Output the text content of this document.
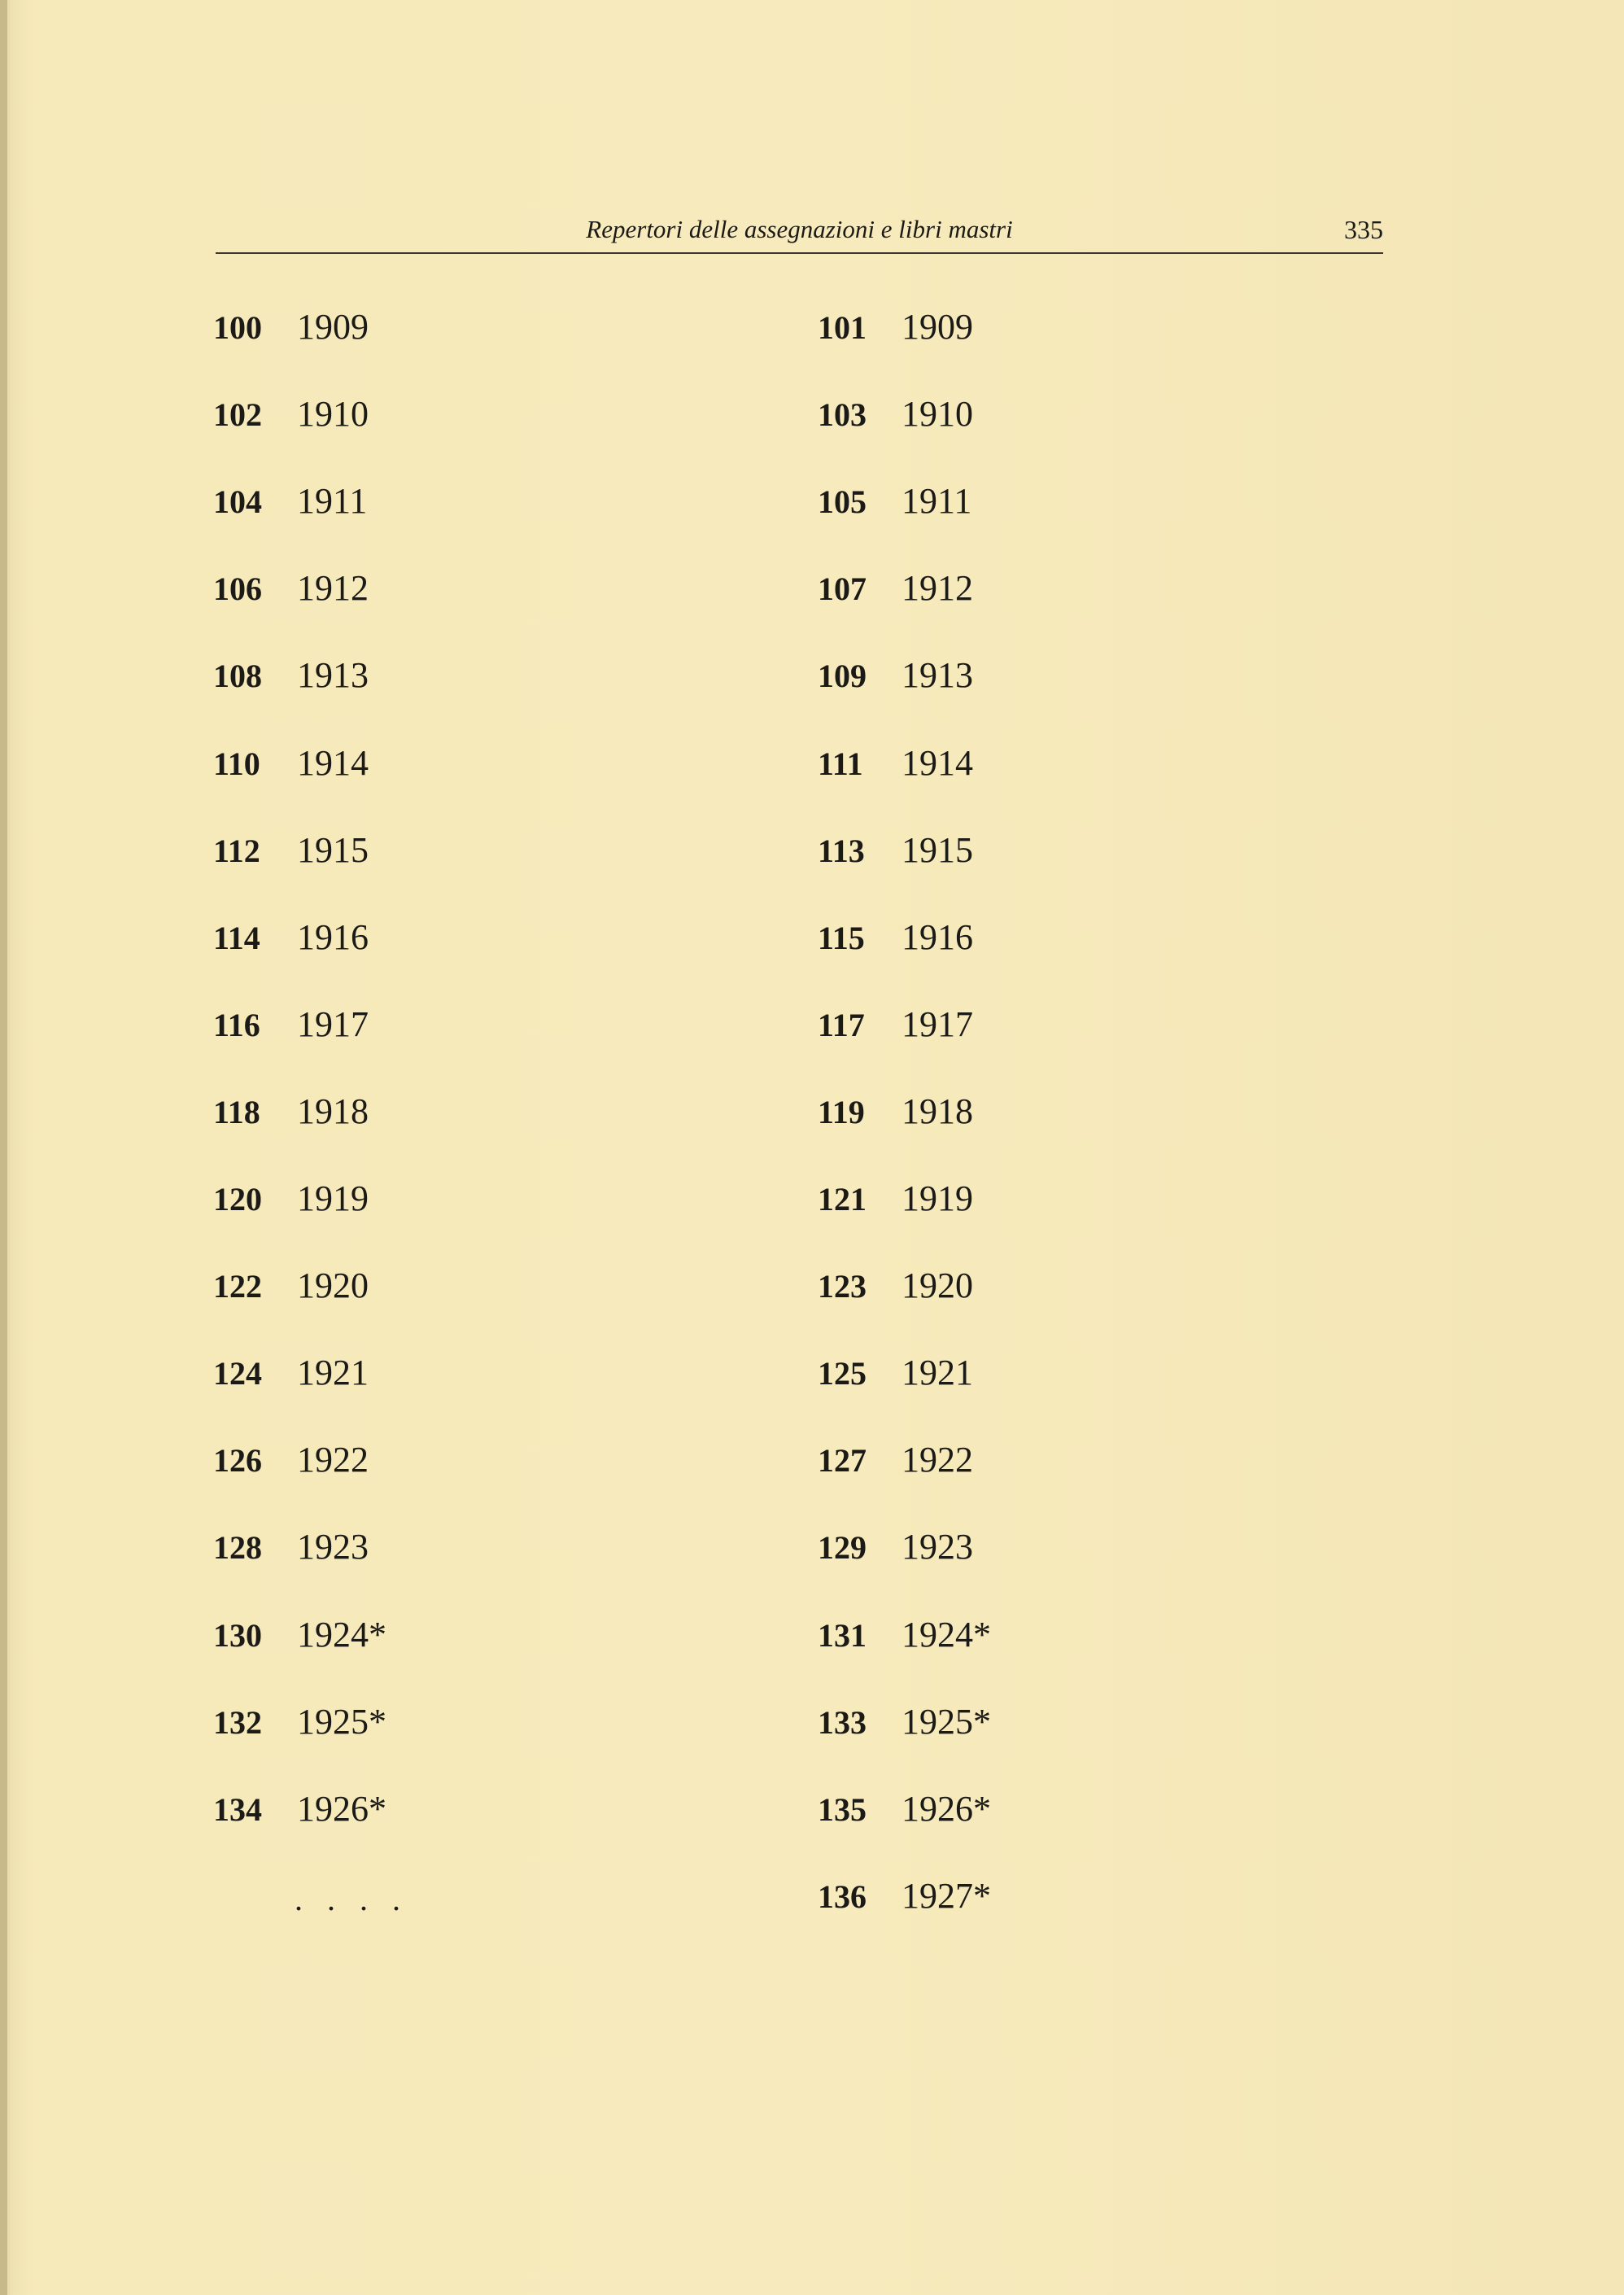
Repertori delle assegnazioni e libri mastri	335
100 1909
102 1910
104 1911
106 1912
108 1913
110 1914
112 1915
114 1916
116 1917
118 1918
120 1919
122 1920
124 1921
126 1922
128 1923
130 1924*
132 1925*
134 1926*
101 1909
103 1910
105 1911
107 1912
109 1913
111 1914
113 1915
115 1916
117 1917
119 1918
121 1919
123 1920
125 1921
127 1922
129 1923
131 1924*
133 1925*
135 1926*
136 1927*
. . . .
